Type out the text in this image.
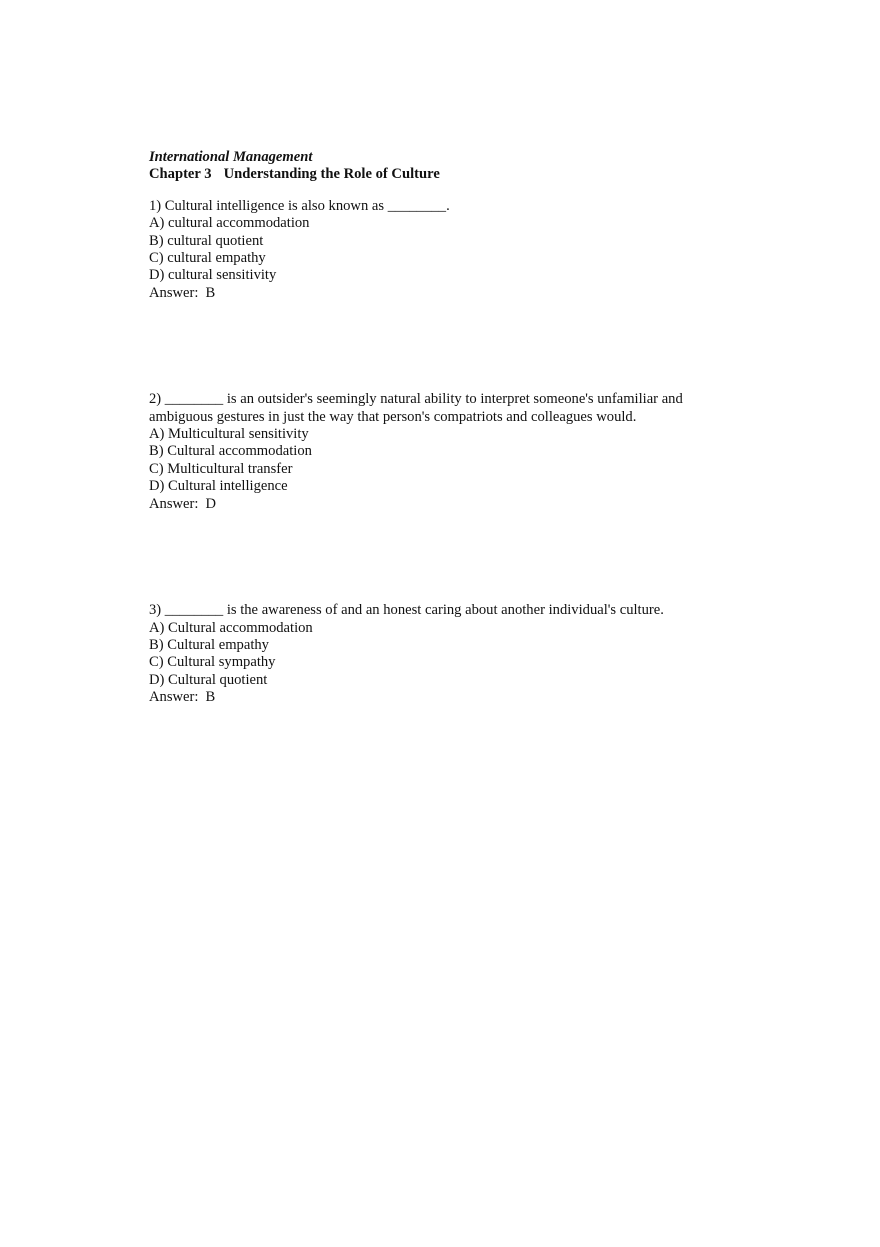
International Management

Chapter 3 Understanding the Role of Culture

1) Cultural intelligence is also known as ________.
A) cultural accommodation
B) cultural quotient
C) cultural empathy
D) cultural sensitivity
Answer: B
2) ________ is an outsider's seemingly natural ability to interpret someone's unfamiliar and ambiguous gestures in just the way that person's compatriots and colleagues would.
A) Multicultural sensitivity
B) Cultural accommodation
C) Multicultural transfer
D) Cultural intelligence
Answer: D
3) ________ is the awareness of and an honest caring about another individual's culture.
A) Cultural accommodation
B) Cultural empathy
C) Cultural sympathy
D) Cultural quotient
Answer: B
